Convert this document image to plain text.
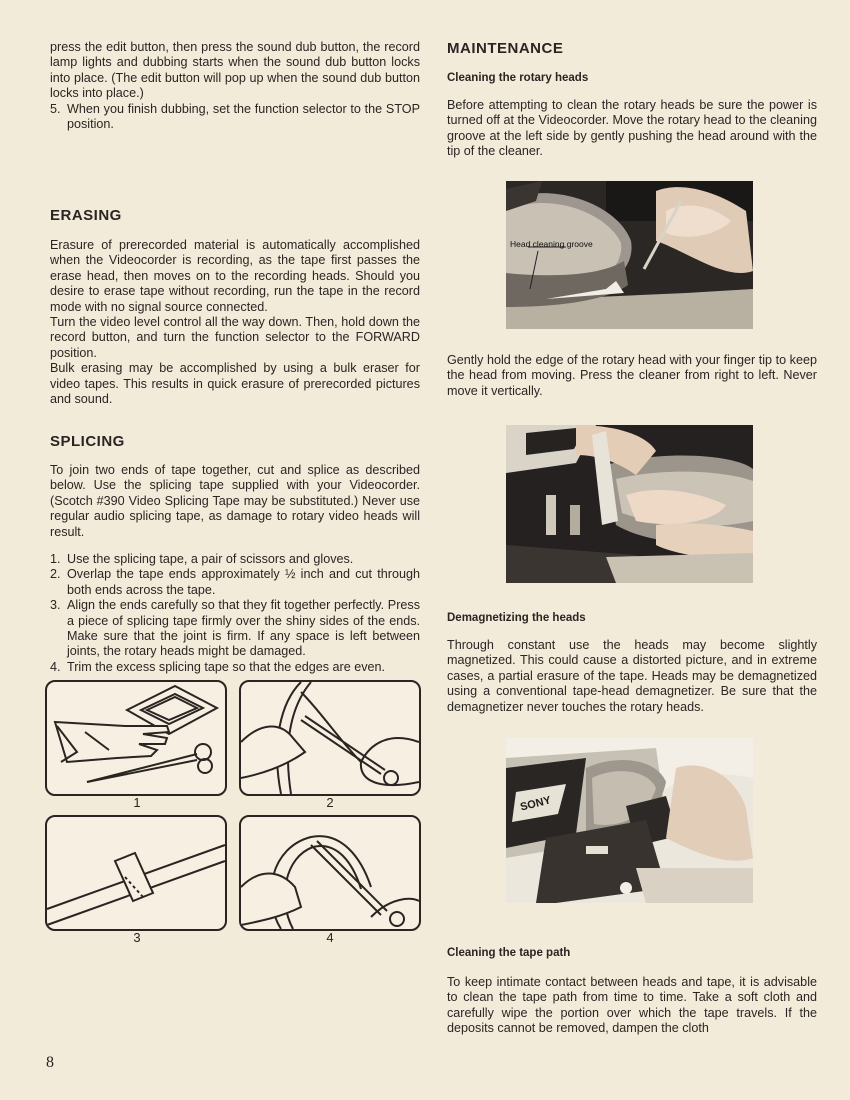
press the edit button, then press the sound dub button, the record lamp lights and dubbing starts when the sound dub button locks into place. (The edit button will pop up when the sound dub button locks into place.)

5. When you finish dubbing, set the function selector to the STOP position.
ERASING

Erasure of prerecorded material is automatically accomplished when the Videocorder is recording, as the tape first passes the erase head, then moves on to the recording heads. Should you desire to erase tape without recording, run the tape in the record mode with no signal source connected.

Turn the video level control all the way down. Then, hold down the record button, and turn the function selector to the FORWARD position.

Bulk erasing may be accomplished by using a bulk eraser for video tapes. This results in quick erasure of prerecorded pictures and sound.

SPLICING

To join two ends of tape together, cut and splice as described below. Use the splicing tape supplied with your Videocorder. (Scotch #390 Video Splicing Tape may be substituted.) Never use regular audio splicing tape, as damage to rotary video heads will result.

1. Use the splicing tape, a pair of scissors and gloves.
2. Overlap the tape ends approximately ½ inch and cut through both ends across the tape.
3. Align the ends carefully so that they fit together perfectly. Press a piece of splicing tape firmly over the shiny sides of the ends. Make sure that the joint is firm. If any space is left between joints, the rotary heads might be damaged.
4. Trim the excess splicing tape so that the edges are even.
1	2
3	4
MAINTENANCE
Cleaning the rotary heads

Before attempting to clean the rotary heads be sure the power is turned off at the Videocorder. Move the rotary head to the cleaning groove at the left side by gently pushing the head around with the tip of the cleaner.

Head cleaning groove

Gently hold the edge of the rotary head with your finger tip to keep the head from moving. Press the cleaner from right to left. Never move it vertically.

Demagnetizing the heads

Through constant use the heads may become slightly magnetized. This could cause a distorted picture, and in extreme cases, a partial erasure of the tape. Heads may be demagnetized using a conventional tape-head demagnetizer. Be sure that the demagnetizer never touches the rotary heads.

SONY
Cleaning the tape path

To keep intimate contact between heads and tape, it is advisable to clean the tape path from time to time. Take a soft cloth and carefully wipe the portion over which the tape travels. If the deposits cannot be removed, dampen the cloth

8
